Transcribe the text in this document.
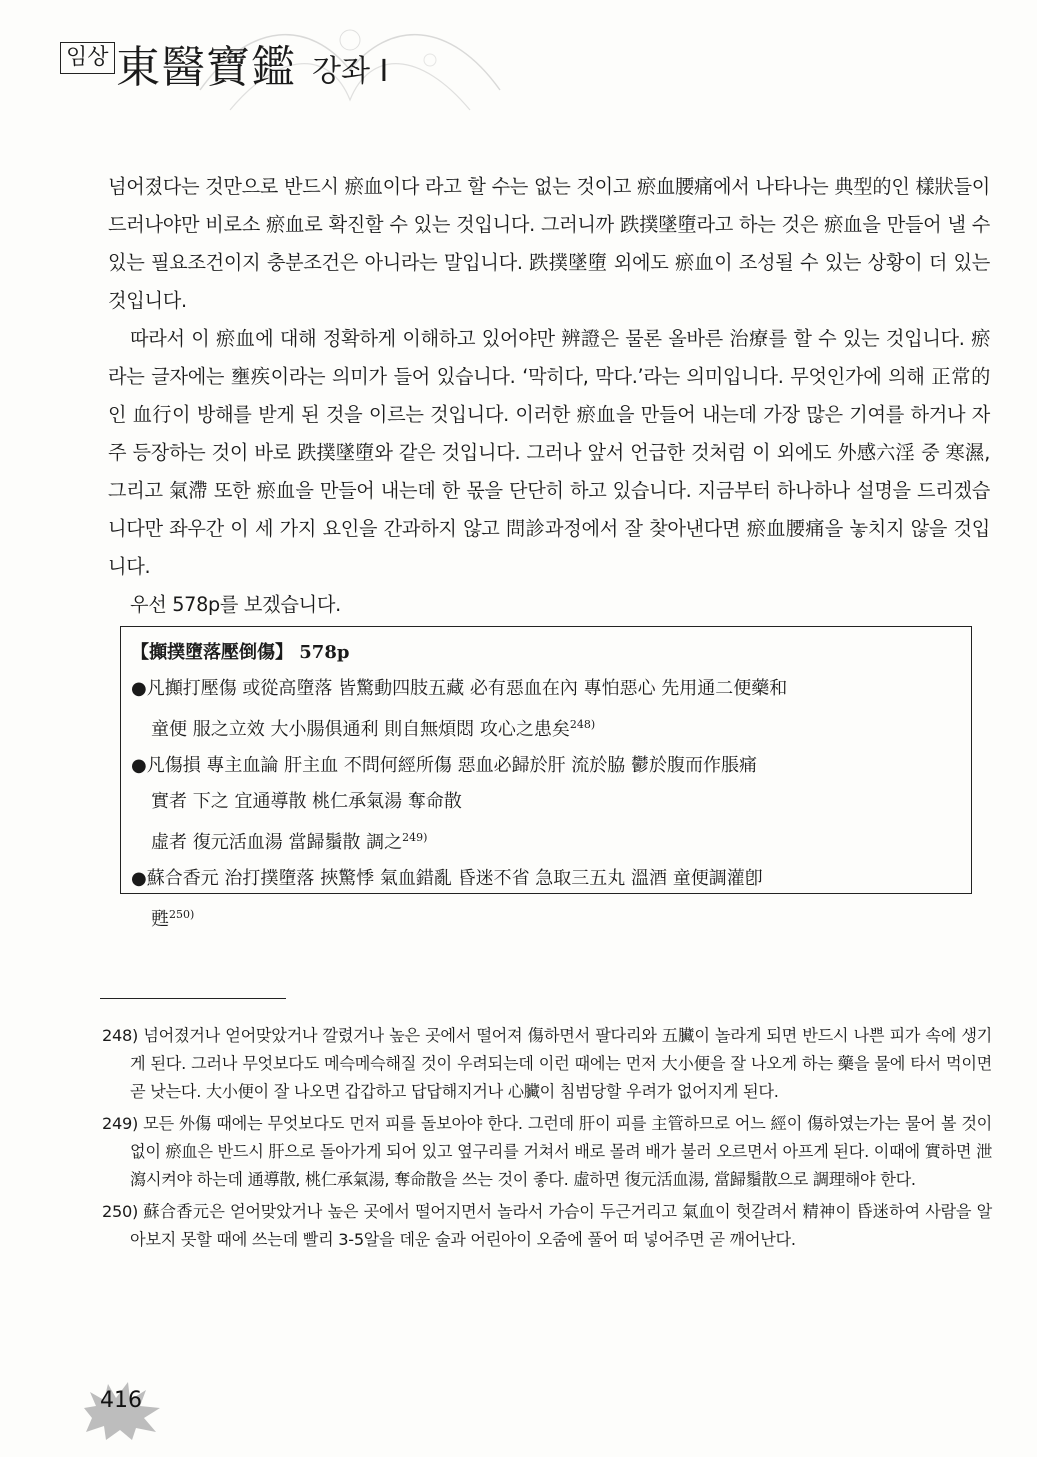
임상 東醫寶鑑 강좌 I

넘어졌다는 것만으로 반드시 瘀血이다 라고 할 수는 없는 것이고 瘀血腰痛에서 나타나는 典型的인 樣狀들이 드러나야만 비로소 瘀血로 확진할 수 있는 것입니다. 그러니까 跌撲墜墮라고 하는 것은 瘀血을 만들어 낼 수 있는 필요조건이지 충분조건은 아니라는 말입니다. 跌撲墜墮 외에도 瘀血이 조성될 수 있는 상황이 더 있는 것입니다.

따라서 이 瘀血에 대해 정확하게 이해하고 있어야만 辨證은 물론 올바른 治療를 할 수 있는 것입니다. 瘀라는 글자에는 壅疾이라는 의미가 들어 있습니다. ‘막히다, 막다.’라는 의미입니다. 무엇인가에 의해 正常的인 血行이 방해를 받게 된 것을 이르는 것입니다. 이러한 瘀血을 만들어 내는데 가장 많은 기여를 하거나 자주 등장하는 것이 바로 跌撲墜墮와 같은 것입니다. 그러나 앞서 언급한 것처럼 이 외에도 外感六淫 중 寒濕, 그리고 氣滯 또한 瘀血을 만들어 내는데 한 몫을 단단히 하고 있습니다. 지금부터 하나하나 설명을 드리겠습니다만 좌우간 이 세 가지 요인을 간과하지 않고 問診과정에서 잘 찾아낸다면 瘀血腰痛을 놓치지 않을 것입니다.

우선 578p를 보겠습니다.

【攧撲墮落壓倒傷】 578p
●凡攧打壓傷 或從高墮落 皆驚動四肢五藏 必有惡血在內 專怕惡心 先用通二便藥和
童便 服之立效 大小腸俱通利 則自無煩悶 攻心之患矣$^{248)}$
●凡傷損 專主血論 肝主血 不問何經所傷 惡血必歸於肝 流於脇 鬱於腹而作脹痛
實者 下之 宜通導散 桃仁承氣湯 奪命散
虛者 復元活血湯 當歸鬚散 調之$^{249)}$
●蘇合香元 治打撲墮落 挾驚悸 氣血錯亂 昏迷不省 急取三五丸 溫酒 童便調灌卽
甦$^{250)}$

248) 넘어졌거나 얻어맞았거나 깔렸거나 높은 곳에서 떨어져 傷하면서 팔다리와 五臟이 놀라게 되면 반드시 나쁜 피가 속에 생기게 된다. 그러나 무엇보다도 메슥메슥해질 것이 우려되는데 이런 때에는 먼저 大小便을 잘 나오게 하는 藥을 물에 타서 먹이면 곧 낫는다. 大小便이 잘 나오면 갑갑하고 답답해지거나 心臟이 침범당할 우려가 없어지게 된다.

249) 모든 外傷 때에는 무엇보다도 먼저 피를 돌보아야 한다. 그런데 肝이 피를 主管하므로 어느 經이 傷하였는가는 물어 볼 것이 없이 瘀血은 반드시 肝으로 돌아가게 되어 있고 옆구리를 거쳐서 배로 몰려 배가 불러 오르면서 아프게 된다. 이때에 實하면 泄瀉시켜야 하는데 通導散, 桃仁承氣湯, 奪命散을 쓰는 것이 좋다. 虛하면 復元活血湯, 當歸鬚散으로 調理해야 한다.

250) 蘇合香元은 얻어맞았거나 높은 곳에서 떨어지면서 놀라서 가슴이 두근거리고 氣血이 헛갈려서 精神이 昏迷하여 사람을 알아보지 못할 때에 쓰는데 빨리 3-5알을 데운 술과 어린아이 오줌에 풀어 떠 넣어주면 곧 깨어난다.

416
